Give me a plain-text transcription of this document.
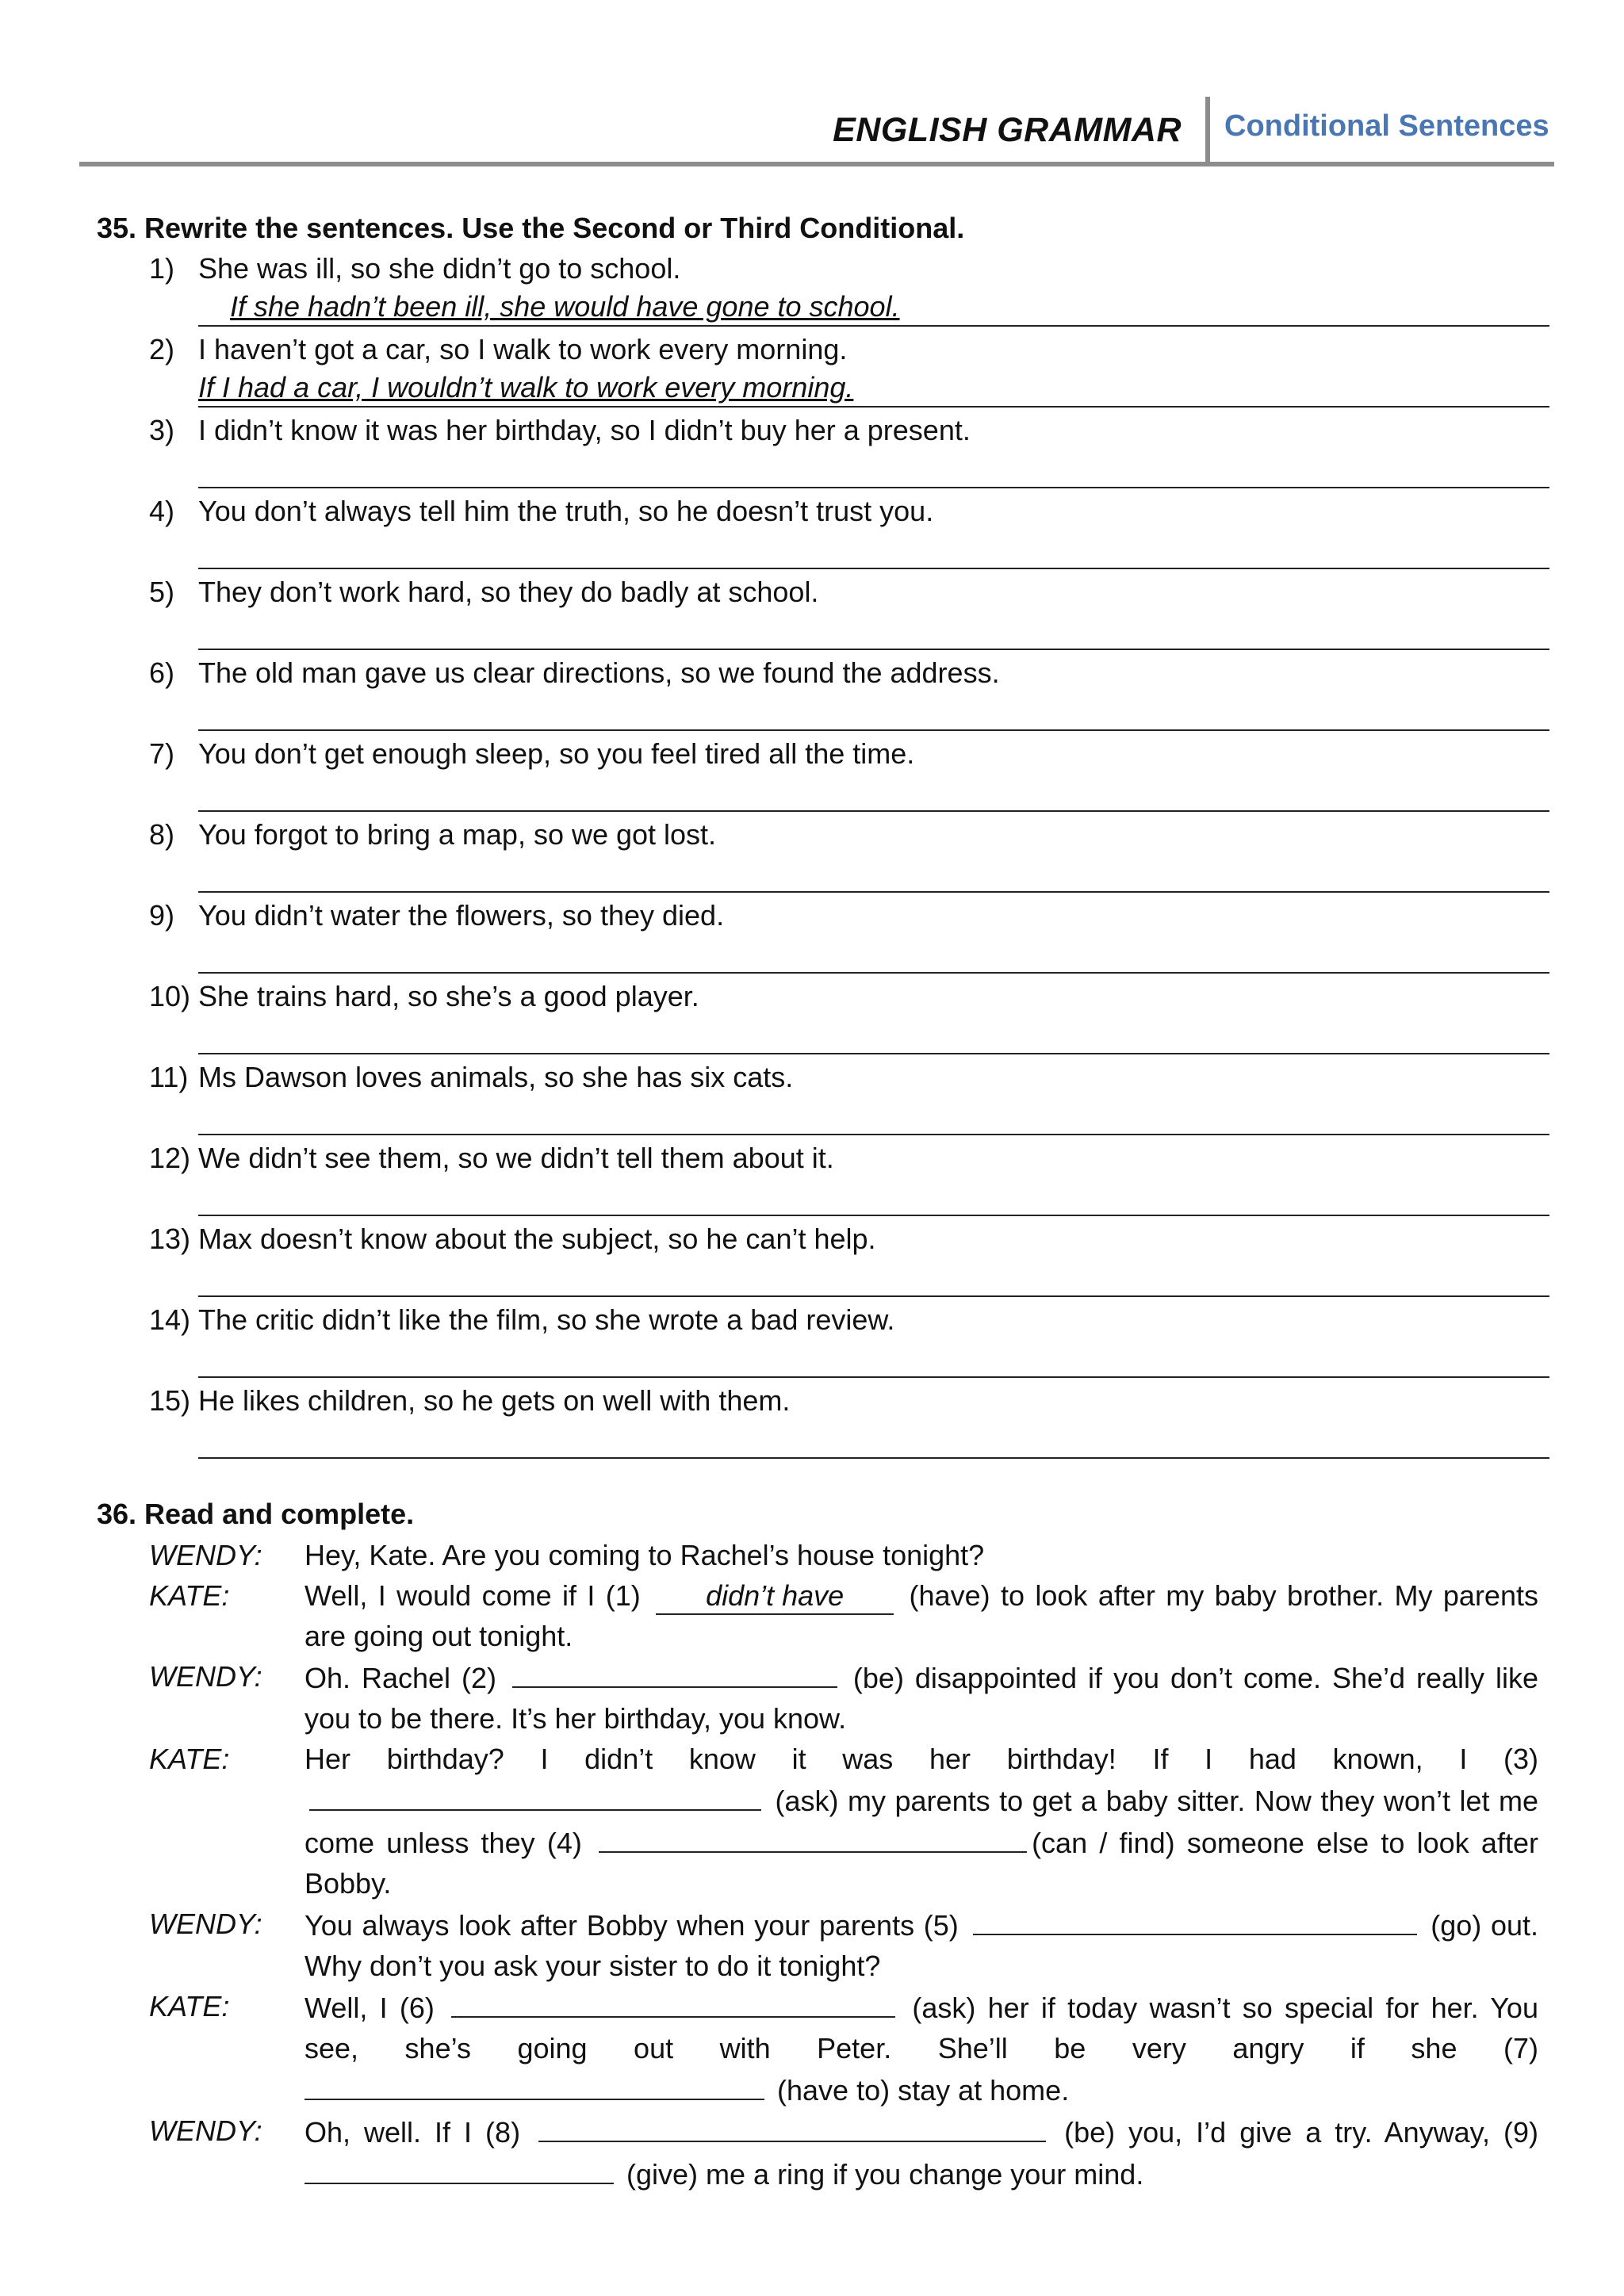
ENGLISH GRAMMAR Conditional Sentences
35. Rewrite the sentences. Use the Second or Third Conditional.
1) She was ill, so she didn’t go to school.
If she hadn’t been ill, she would have gone to school.
2) I haven’t got a car, so I walk to work every morning.
If I had a car, I wouldn’t walk to work every morning.
3) I didn’t know it was her birthday, so I didn’t buy her a present.
4) You don’t always tell him the truth, so he doesn’t trust you.
5) They don’t work hard, so they do badly at school.
6) The old man gave us clear directions, so we found the address.
7) You don’t get enough sleep, so you feel tired all the time.
8) You forgot to bring a map, so we got lost.
9) You didn’t water the flowers, so they died.
10) She trains hard, so she’s a good player.
11) Ms Dawson loves animals, so she has six cats.
12) We didn’t see them, so we didn’t tell them about it.
13) Max doesn’t know about the subject, so he can’t help.
14) The critic didn’t like the film, so she wrote a bad review.
15) He likes children, so he gets on well with them.
36. Read and complete.
WENDY: Hey, Kate. Are you coming to Rachel’s house tonight?
KATE:	Well, I would come if I (1) didn’t have (have) to look after my baby brother. My parents are going out tonight.
WENDY: Oh. Rachel (2)	(be) disappointed if you don’t come. She’d really like you to be there. It’s her birthday, you know.
KATE:	Her birthday? I didn’t know it was her birthday! If I had known, I (3) (ask) my parents to get a baby sitter. Now they won’t let me come unless they (4)	(can / find) someone else to look after Bobby.
WENDY: You always look after Bobby when your parents (5)	(go) out. Why don’t you ask your sister to do it tonight?
KATE:	Well, I (6)	(ask) her if today wasn’t so special for her. You see, she’s going out with Peter. She’ll be very angry if she (7)  (have to) stay at home.
WENDY: Oh, well. If I (8)	(be) you, I’d give a try. Anyway, (9) (give) me a ring if you change your mind.
